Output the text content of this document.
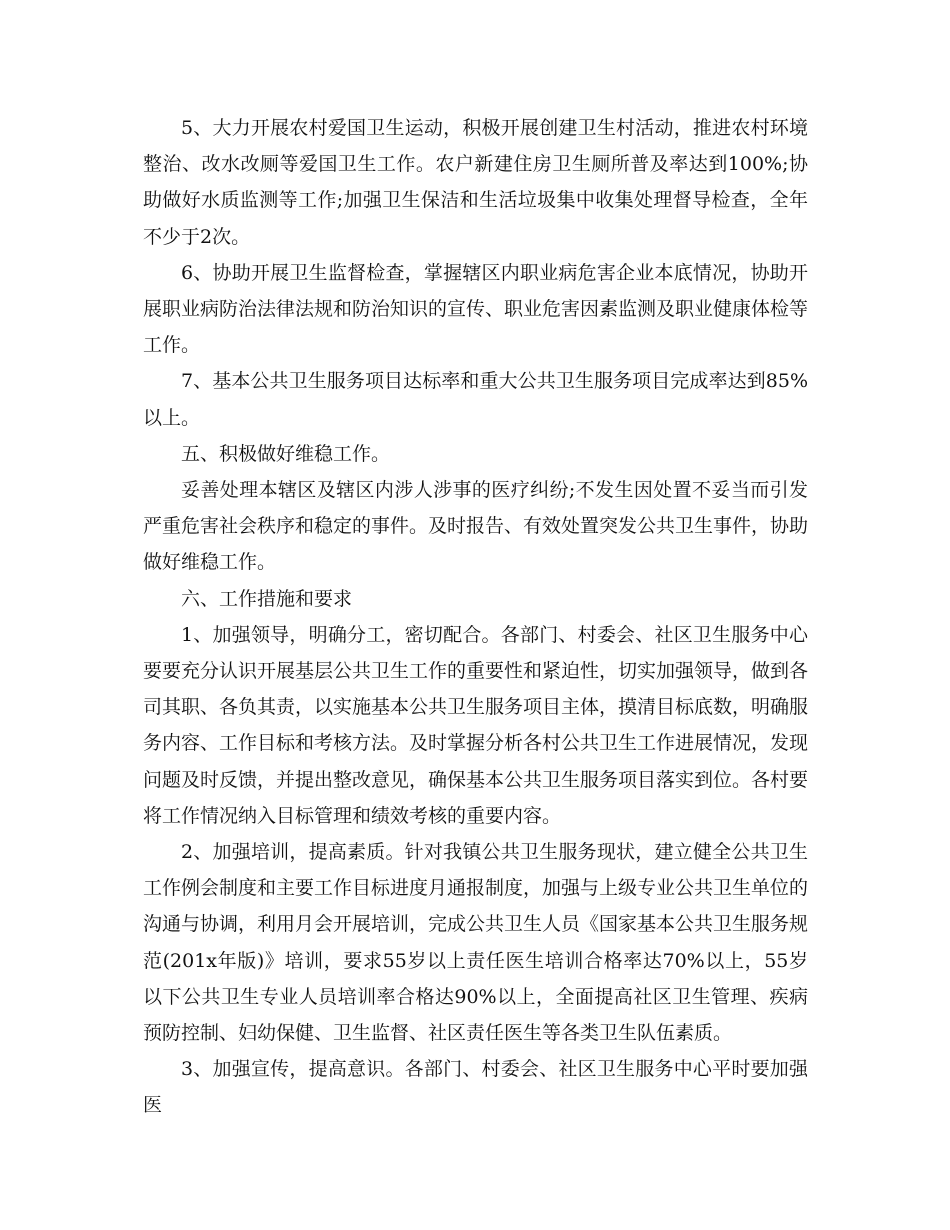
5、大力开展农村爱国卫生运动，积极开展创建卫生村活动，推进农村环境整治、改水改厕等爱国卫生工作。农户新建住房卫生厕所普及率达到100%;协助做好水质监测等工作;加强卫生保洁和生活垃圾集中收集处理督导检查，全年不少于2次。

6、协助开展卫生监督检查，掌握辖区内职业病危害企业本底情况，协助开展职业病防治法律法规和防治知识的宣传、职业危害因素监测及职业健康体检等工作。

7、基本公共卫生服务项目达标率和重大公共卫生服务项目完成率达到85%以上。

五、积极做好维稳工作。

妥善处理本辖区及辖区内涉人涉事的医疗纠纷;不发生因处置不妥当而引发严重危害社会秩序和稳定的事件。及时报告、有效处置突发公共卫生事件，协助做好维稳工作。

六、工作措施和要求

1、加强领导，明确分工，密切配合。各部门、村委会、社区卫生服务中心要要充分认识开展基层公共卫生工作的重要性和紧迫性，切实加强领导，做到各司其职、各负其责，以实施基本公共卫生服务项目主体，摸清目标底数，明确服务内容、工作目标和考核方法。及时掌握分析各村公共卫生工作进展情况，发现问题及时反馈，并提出整改意见，确保基本公共卫生服务项目落实到位。各村要将工作情况纳入目标管理和绩效考核的重要内容。

2、加强培训，提高素质。针对我镇公共卫生服务现状，建立健全公共卫生工作例会制度和主要工作目标进度月通报制度，加强与上级专业公共卫生单位的沟通与协调，利用月会开展培训，完成公共卫生人员《国家基本公共卫生服务规范(201x年版)》培训，要求55岁以上责任医生培训合格率达70%以上，55岁以下公共卫生专业人员培训率合格达90%以上，全面提高社区卫生管理、疾病预防控制、妇幼保健、卫生监督、社区责任医生等各类卫生队伍素质。

3、加强宣传，提高意识。各部门、村委会、社区卫生服务中心平时要加强医
